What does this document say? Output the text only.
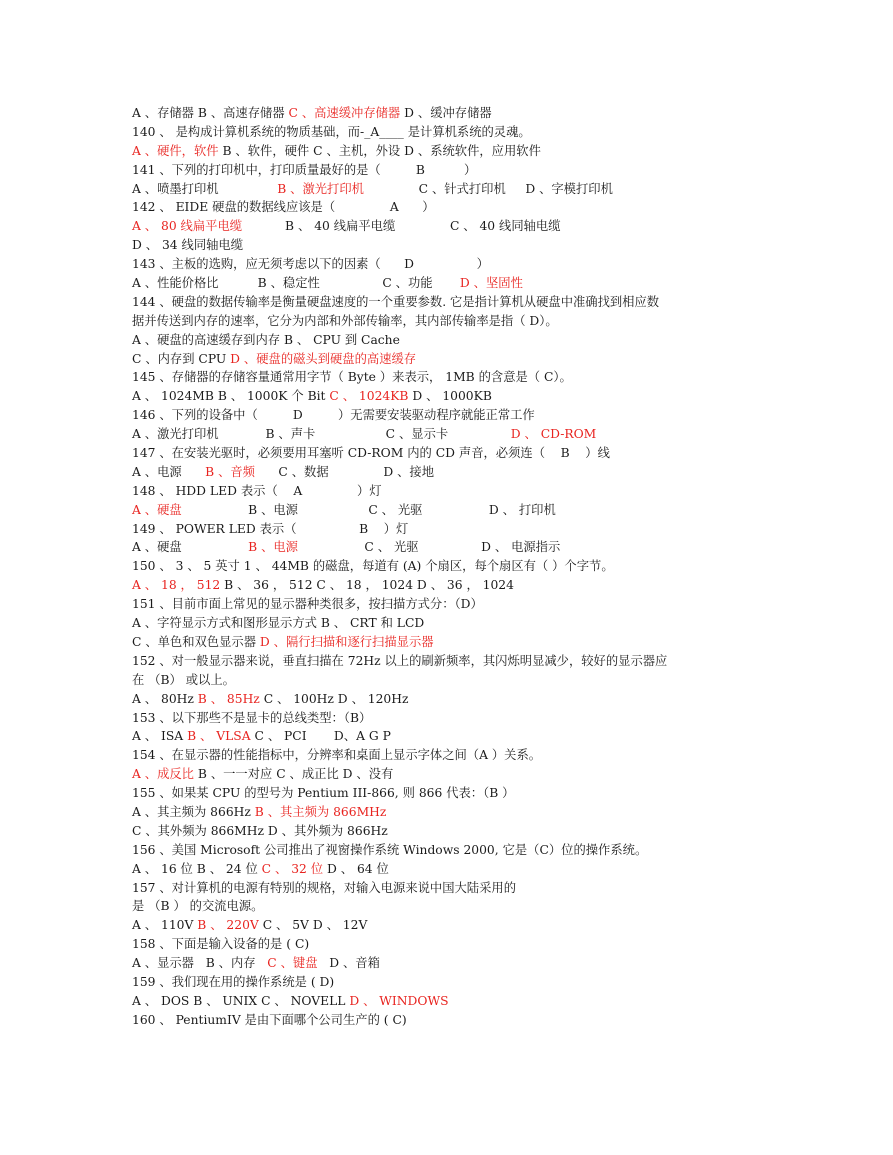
A 、存储器 B 、高速存储器 C 、高速缓冲存储器 D 、缓冲存储器
140 、 是构成计算机系统的物质基础，而-_A____ 是计算机系统的灵魂。
A 、硬件，软件 B 、软件，硬件 C 、主机，外设 D 、系统软件，应用软件
141 、下列的打印机中，打印质量最好的是（         B          ）
A 、喷墨打印机               B 、激光打印机              C 、针式打印机     D 、字模打印机
142 、 EIDE 硬盘的数据线应该是（              A      ）
A 、 80 线扁平电缆           B 、 40 线扁平电缆              C 、 40 线同轴电缆
D 、 34 线同轴电缆
143 、主板的选购，应无须考虑以下的因素（      D                ）
A 、性能价格比          B 、稳定性                C 、功能       D 、坚固性
144 、硬盘的数据传输率是衡量硬盘速度的一个重要参数. 它是指计算机从硬盘中准确找到相应数
据并传送到内存的速率，它分为内部和外部传输率，其内部传输率是指（ D）。
A 、硬盘的高速缓存到内存 B 、 CPU 到 Cache
C 、内存到 CPU D 、硬盘的磁头到硬盘的高速缓存
145 、存储器的存储容量通常用字节（ Byte ）来表示， 1MB 的含意是（ C）。
A 、 1024MB B 、 1000K 个 Bit C 、 1024KB D 、 1000KB
146 、下列的设备中（         D         ）无需要安装驱动程序就能正常工作
A 、激光打印机            B 、声卡                  C 、显示卡                D 、 CD-ROM
147 、在安装光驱时，必须要用耳塞听 CD-ROM 内的 CD 声音，必须连（    B    ）线
A 、电源      B 、音频      C 、数据              D 、接地
148 、 HDD LED 表示（    A              ）灯
A 、硬盘                 B 、电源                  C 、 光驱                 D 、 打印机
149 、 POWER LED 表示（                B    ）灯
A 、硬盘                 B 、电源                 C 、 光驱                D 、 电源指示
150 、 3 、 5 英寸 1 、 44MB 的磁盘，每道有 (A) 个扇区，每个扇区有（ ）个字节。
A 、 18 ， 512 B 、 36 ， 512 C 、 18 ， 1024 D 、 36 ， 1024
151 、目前市面上常见的显示器种类很多，按扫描方式分：（D）
A 、字符显示方式和图形显示方式 B 、 CRT 和 LCD
C 、单色和双色显示器 D 、隔行扫描和逐行扫描显示器
152 、对一般显示器来说，垂直扫描在 72Hz 以上的刷新频率，其闪烁明显减少，较好的显示器应
在 （B） 或以上。
A 、 80Hz B 、 85Hz C 、 100Hz D 、 120Hz
153 、以下那些不是显卡的总线类型：（B）
A 、 ISA B 、 VLSA C 、 PCI       D、A G P
154 、在显示器的性能指标中，分辨率和桌面上显示字体之间（A ）关系。
A 、成反比 B 、一一对应 C 、成正比 D 、没有
155 、如果某 CPU 的型号为 Pentium III-866, 则 866 代表：（B ）
A 、其主频为 866Hz B 、其主频为 866MHz
C 、其外频为 866MHz D 、其外频为 866Hz
156 、美国 Microsoft 公司推出了视窗操作系统 Windows 2000, 它是（C）位的操作系统。
A 、 16 位 B 、 24 位 C 、 32 位 D 、 64 位
157 、对计算机的电源有特别的规格，对输入电源来说中国大陆采用的
是 （B ） 的交流电源。
A 、 110V B 、 220V C 、 5V D 、 12V
158 、下面是输入设备的是 ( C)
A 、显示器   B 、内存   C 、键盘   D 、音箱
159 、我们现在用的操作系统是 ( D)
A 、 DOS B 、 UNIX C 、 NOVELL D 、 WINDOWS
160 、 PentiumIV 是由下面哪个公司生产的 ( C)
